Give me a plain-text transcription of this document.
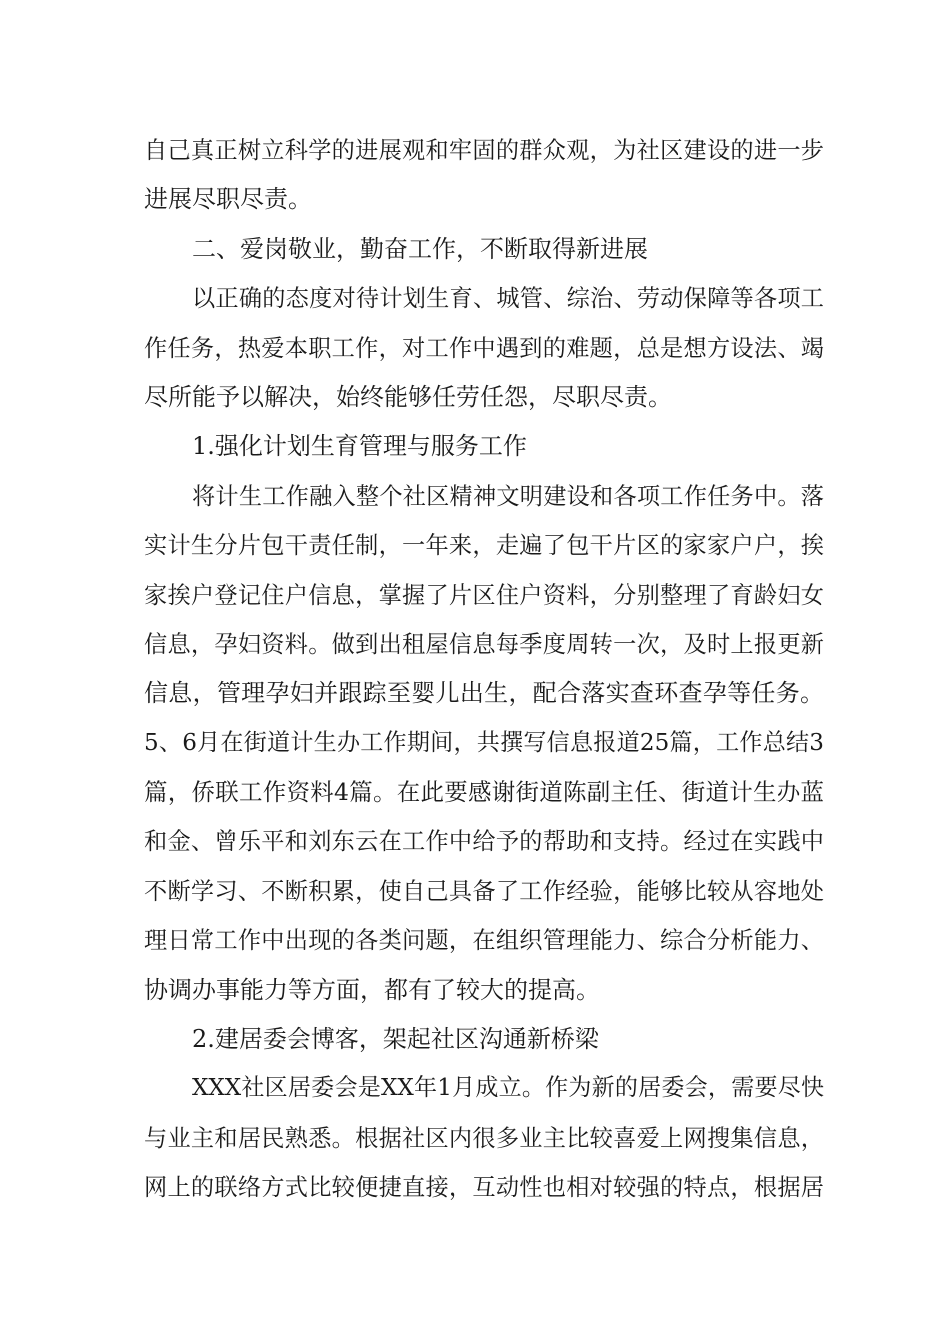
自己真正树立科学的进展观和牢固的群众观，为社区建设的进一步
进展尽职尽责。
二、爱岗敬业，勤奋工作，不断取得新进展
以正确的态度对待计划生育、城管、综治、劳动保障等各项工
作任务，热爱本职工作，对工作中遇到的难题，总是想方设法、竭
尽所能予以解决，始终能够任劳任怨，尽职尽责。
1.强化计划生育管理与服务工作
将计生工作融入整个社区精神文明建设和各项工作任务中。落
实计生分片包干责任制，一年来，走遍了包干片区的家家户户，挨
家挨户登记住户信息，掌握了片区住户资料，分别整理了育龄妇女
信息，孕妇资料。做到出租屋信息每季度周转一次，及时上报更新
信息，管理孕妇并跟踪至婴儿出生，配合落实查环查孕等任务。
5、6月在街道计生办工作期间，共撰写信息报道25篇，工作总结3
篇，侨联工作资料4篇。在此要感谢街道陈副主任、街道计生办蓝
和金、曾乐平和刘东云在工作中给予的帮助和支持。经过在实践中
不断学习、不断积累，使自己具备了工作经验，能够比较从容地处
理日常工作中出现的各类问题，在组织管理能力、综合分析能力、
协调办事能力等方面，都有了较大的提高。
2.建居委会博客，架起社区沟通新桥梁
XXX社区居委会是XX年1月成立。作为新的居委会，需要尽快
与业主和居民熟悉。根据社区内很多业主比较喜爱上网搜集信息，
网上的联络方式比较便捷直接，互动性也相对较强的特点，根据居
